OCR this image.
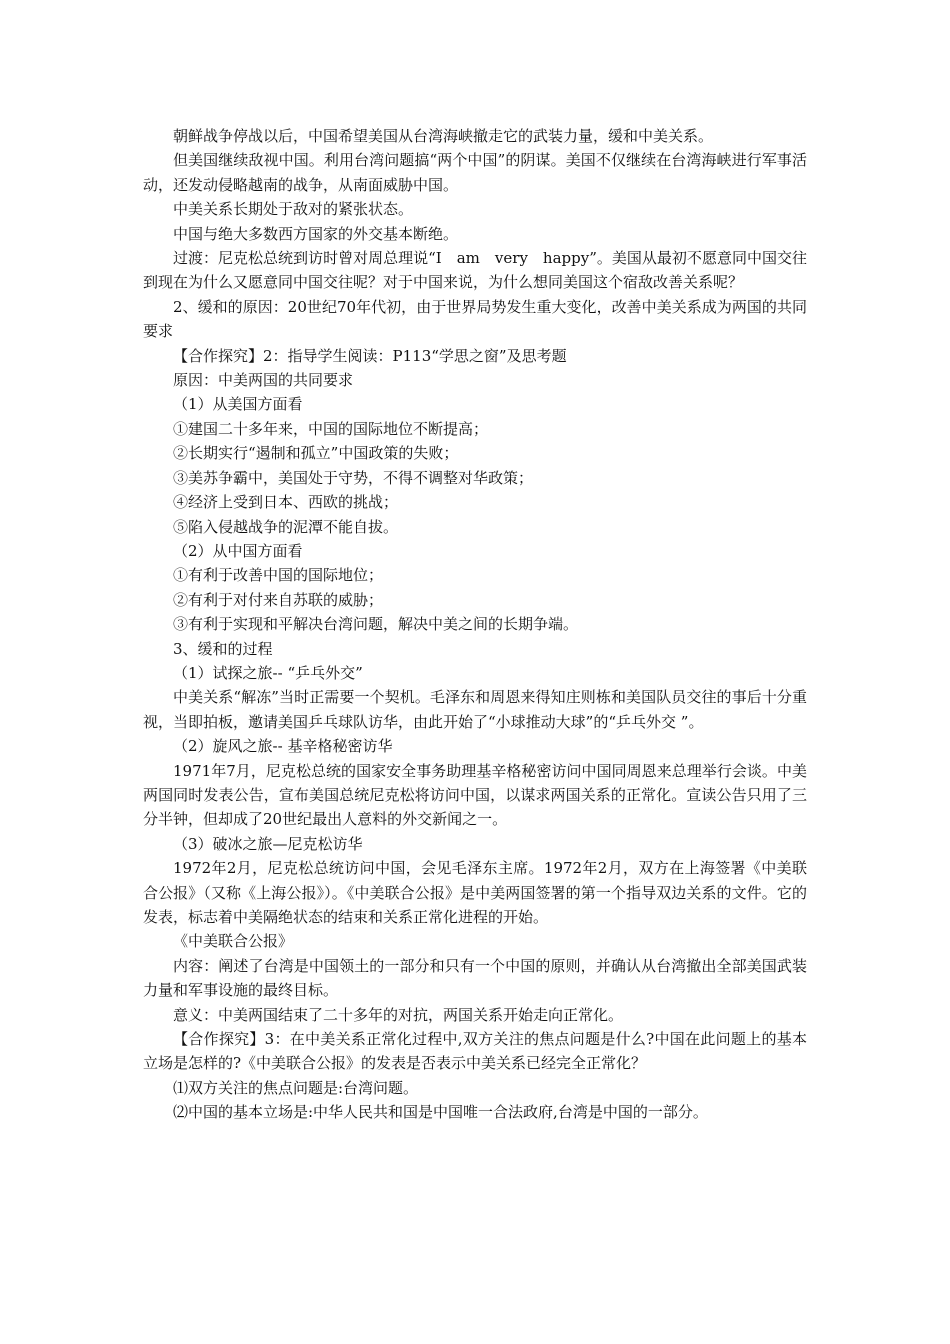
朝鲜战争停战以后，中国希望美国从台湾海峡撤走它的武装力量，缓和中美关系。

但美国继续敌视中国。利用台湾问题搞“两个中国”的阴谋。美国不仅继续在台湾海峡进行军事活动，还发动侵略越南的战争，从南面威胁中国。

中美关系长期处于敌对的紧张状态。

中国与绝大多数西方国家的外交基本断绝。

过渡：尼克松总统到访时曾对周总理说“I　am　very　happy”。美国从最初不愿意同中国交往到现在为什么又愿意同中国交往呢？对于中国来说，为什么想同美国这个宿敌改善关系呢？

2、缓和的原因：20世纪70年代初，由于世界局势发生重大变化，改善中美关系成为两国的共同要求

【合作探究】2：指导学生阅读：P113“学思之窗”及思考题

原因：中美两国的共同要求

（1）从美国方面看

①建国二十多年来，中国的国际地位不断提高；

②长期实行“遏制和孤立”中国政策的失败；

③美苏争霸中，美国处于守势，不得不调整对华政策；

④经济上受到日本、西欧的挑战；

⑤陷入侵越战争的泥潭不能自拔。

（2）从中国方面看

①有利于改善中国的国际地位；

②有利于对付来自苏联的威胁；

③有利于实现和平解决台湾问题，解决中美之间的长期争端。

3、缓和的过程

（1）试探之旅-- “乒乓外交”

中美关系“解冻”当时正需要一个契机。毛泽东和周恩来得知庄则栋和美国队员交往的事后十分重视，当即拍板，邀请美国乒乓球队访华，由此开始了“小球推动大球”的“乒乓外交 ”。

（2）旋风之旅-- 基辛格秘密访华

1971年7月，尼克松总统的国家安全事务助理基辛格秘密访问中国同周恩来总理举行会谈。中美两国同时发表公告，宣布美国总统尼克松将访问中国，以谋求两国关系的正常化。宣读公告只用了三分半钟，但却成了20世纪最出人意料的外交新闻之一。

（3）破冰之旅—尼克松访华

1972年2月，尼克松总统访问中国，会见毛泽东主席。1972年2月，双方在上海签署《中美联合公报》（又称《上海公报》）。《中美联合公报》是中美两国签署的第一个指导双边关系的文件。它的发表，标志着中美隔绝状态的结束和关系正常化进程的开始。

《中美联合公报》

内容：阐述了台湾是中国领土的一部分和只有一个中国的原则，并确认从台湾撤出全部美国武装力量和军事设施的最终目标。

意义：中美两国结束了二十多年的对抗，两国关系开始走向正常化。

【合作探究】3：在中美关系正常化过程中,双方关注的焦点问题是什么?中国在此问题上的基本立场是怎样的?《中美联合公报》的发表是否表示中美关系已经完全正常化？

⑴双方关注的焦点问题是:台湾问题。

⑵中国的基本立场是:中华人民共和国是中国唯一合法政府,台湾是中国的一部分。
